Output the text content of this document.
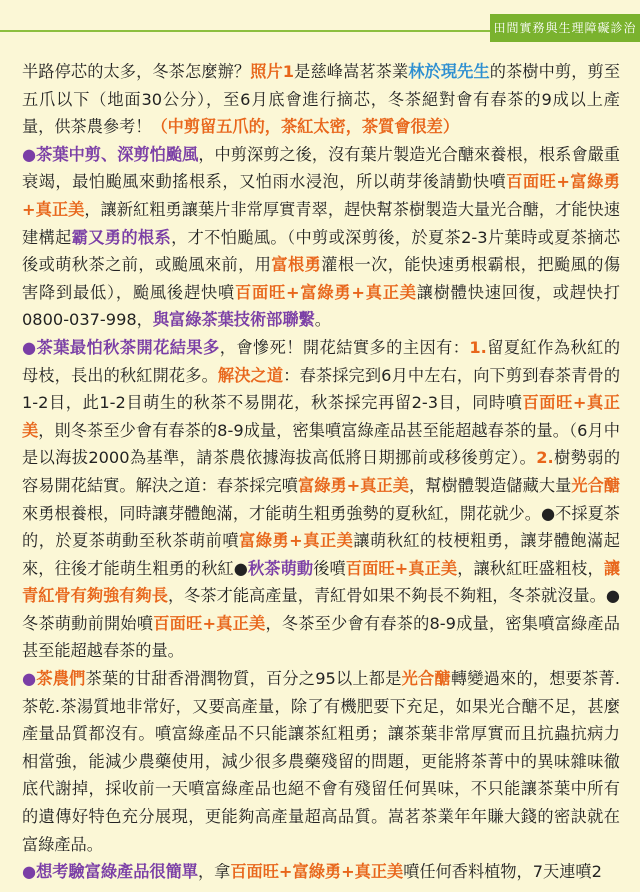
田間實務與生理障礙診治

半路停芯的太多，冬茶怎麼辦？照片1是慈峰嵩茗茶業林於現先生的茶樹中剪，剪至五爪以下（地面30公分），至6月底會進行摘芯，冬茶絕對會有春茶的9成以上產量，供茶農參考！（中剪留五爪的，茶紅太密，茶質會很差）

●茶葉中剪、深剪怕颱風，中剪深剪之後，沒有葉片製造光合醣來養根，根系會嚴重衰竭，最怕颱風來動搖根系，又怕雨水浸泡，所以萌芽後請勤快噴百面旺+富綠勇+真正美，讓新紅粗勇讓葉片非常厚實青翠，趕快幫茶樹製造大量光合醣，才能快速建構起霸又勇的根系，才不怕颱風。（中剪或深剪後，於夏茶2-3片葉時或夏茶摘芯後或萌秋茶之前，或颱風來前，用富根勇灌根一次，能快速勇根霸根，把颱風的傷害降到最低），颱風後趕快噴百面旺+富綠勇+真正美讓樹體快速回復，或趕快打0800-037-998，與富綠茶葉技術部聯繫。

●茶葉最怕秋茶開花結果多，會慘死！開花結實多的主因有：1.留夏紅作為秋紅的母枝，長出的秋紅開花多。解決之道：春茶採完到6月中左右，向下剪到春茶青骨的1-2目，此1-2目萌生的秋茶不易開花，秋茶採完再留2-3目，同時噴百面旺+真正美，則冬茶至少會有春茶的8-9成量，密集噴富綠產品甚至能超越春茶的量。（6月中是以海拔2000為基準，請茶農依據海拔高低將日期挪前或移後剪定）。2.樹勢弱的容易開花結實。解決之道：春茶採完噴富綠勇+真正美，幫樹體製造儲藏大量光合醣來勇根養根，同時讓芽體飽滿，才能萌生粗勇強勢的夏秋紅，開花就少。●不採夏茶的，於夏茶萌動至秋茶萌前噴富綠勇+真正美讓萌秋紅的枝梗粗勇，讓芽體飽滿起來，往後才能萌生粗勇的秋紅●秋茶萌動後噴百面旺+真正美，讓秋紅旺盛粗枝，讓青紅骨有夠強有夠長，冬茶才能高產量，青紅骨如果不夠長不夠粗，冬茶就沒量。●冬茶萌動前開始噴百面旺+真正美，冬茶至少會有春茶的8-9成量，密集噴富綠產品甚至能超越春茶的量。

●茶農們茶葉的甘甜香滑潤物質，百分之95以上都是光合醣轉變過來的，想要茶菁.茶乾.茶湯質地非常好，又要高產量，除了有機肥要下充足，如果光合醣不足，甚麼產量品質都沒有。噴富綠產品不只能讓茶紅粗勇；讓茶葉非常厚實而且抗蟲抗病力相當強，能減少農藥使用，減少很多農藥殘留的問題，更能將茶菁中的異味雜味徹底代謝掉，採收前一天噴富綠產品也絕不會有殘留任何異味，不只能讓茶葉中所有的遺傳好特色充分展現，更能夠高產量超高品質。嵩茗茶業年年賺大錢的密訣就在富綠產品。

●想考驗富綠產品很簡單，拿百面旺+富綠勇+真正美噴任何香料植物，7天連噴2
